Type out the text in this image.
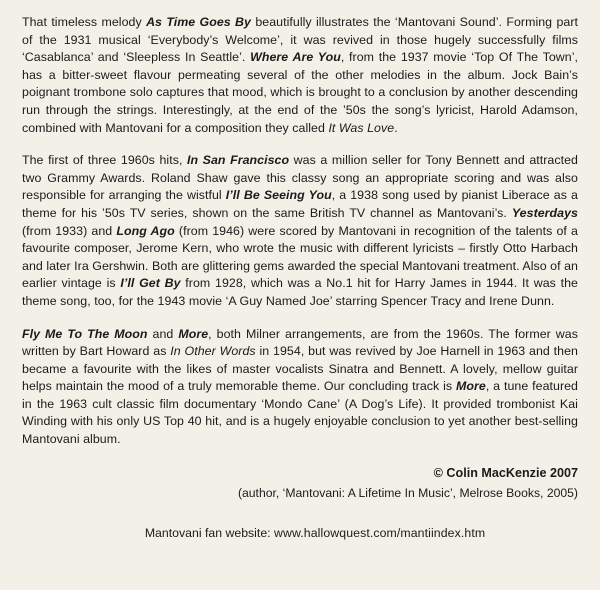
That timeless melody As Time Goes By beautifully illustrates the ‘Mantovani Sound’. Forming part of the 1931 musical ‘Everybody’s Welcome’, it was revived in those hugely successfully films ‘Casablanca’ and ‘Sleepless In Seattle’. Where Are You, from the 1937 movie ‘Top Of The Town’, has a bitter-sweet flavour permeating several of the other melodies in the album. Jock Bain’s poignant trombone solo captures that mood, which is brought to a conclusion by another descending run through the strings. Interestingly, at the end of the ’50s the song’s lyricist, Harold Adamson, combined with Mantovani for a composition they called It Was Love.

The first of three 1960s hits, In San Francisco was a million seller for Tony Bennett and attracted two Grammy Awards. Roland Shaw gave this classy song an appropriate scoring and was also responsible for arranging the wistful I’ll Be Seeing You, a 1938 song used by pianist Liberace as a theme for his ’50s TV series, shown on the same British TV channel as Mantovani’s. Yesterdays (from 1933) and Long Ago (from 1946) were scored by Mantovani in recognition of the talents of a favourite composer, Jerome Kern, who wrote the music with different lyricists – firstly Otto Harbach and later Ira Gershwin. Both are glittering gems awarded the special Mantovani treatment. Also of an earlier vintage is I’ll Get By from 1928, which was a No.1 hit for Harry James in 1944. It was the theme song, too, for the 1943 movie ‘A Guy Named Joe’ starring Spencer Tracy and Irene Dunn.

Fly Me To The Moon and More, both Milner arrangements, are from the 1960s. The former was written by Bart Howard as In Other Words in 1954, but was revived by Joe Harnell in 1963 and then became a favourite with the likes of master vocalists Sinatra and Bennett. A lovely, mellow guitar helps maintain the mood of a truly memorable theme. Our concluding track is More, a tune featured in the 1963 cult classic film documentary ‘Mondo Cane’ (A Dog’s Life). It provided trombonist Kai Winding with his only US Top 40 hit, and is a hugely enjoyable conclusion to yet another best-selling Mantovani album.

© Colin MacKenzie 2007

(author, ‘Mantovani: A Lifetime In Music’, Melrose Books, 2005)

Mantovani fan website: www.hallowquest.com/mantiindex.htm
